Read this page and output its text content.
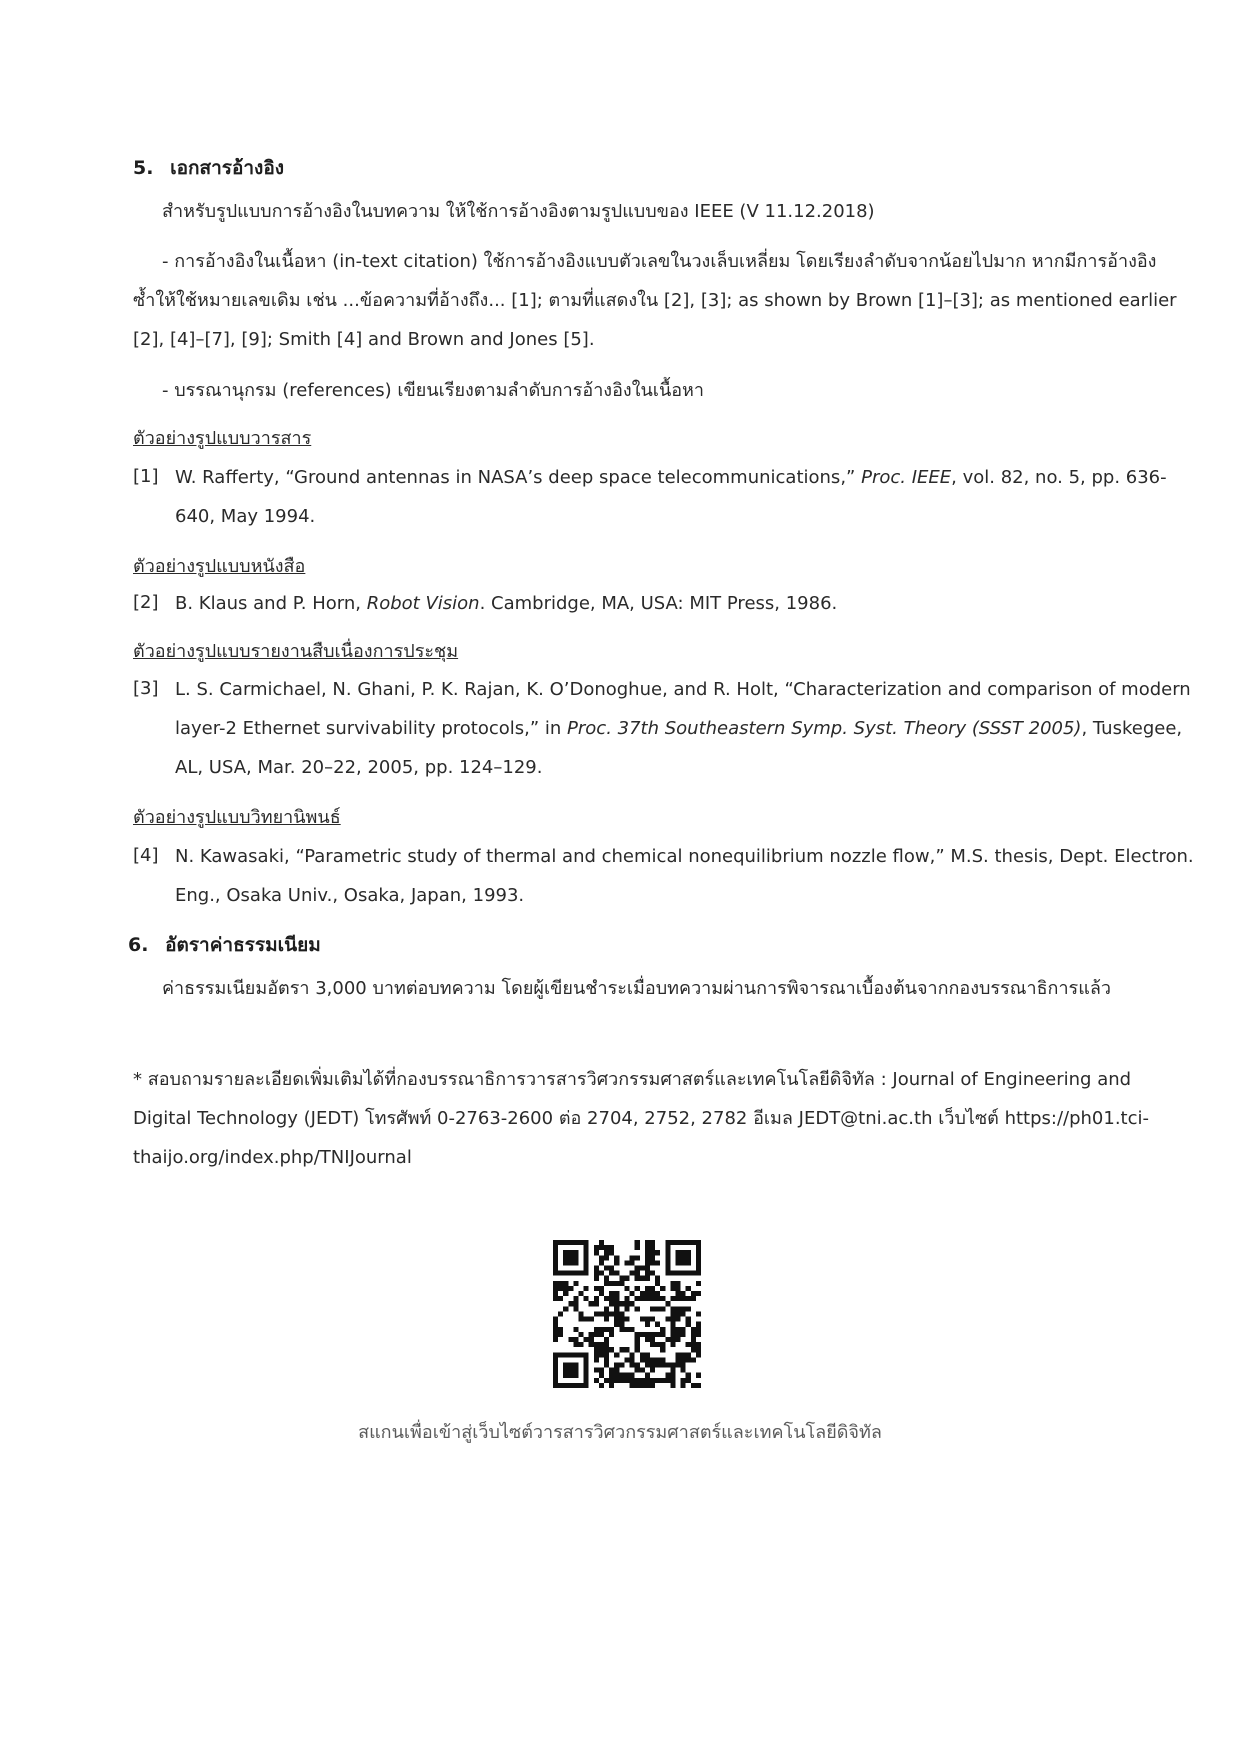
5. เอกสารอ้างอิง
สำหรับรูปแบบการอ้างอิงในบทความ ให้ใช้การอ้างอิงตามรูปแบบของ IEEE (V 11.12.2018)
- การอ้างอิงในเนื้อหา (in-text citation) ใช้การอ้างอิงแบบตัวเลขในวงเล็บเหลี่ยม โดยเรียงลำดับจากน้อยไปมาก หากมีการอ้างอิง
ซ้ำให้ใช้หมายเลขเดิม เช่น ...ข้อความที่อ้างถึง... [1]; ตามที่แสดงใน [2], [3]; as shown by Brown [1]–[3]; as mentioned earlier
[2], [4]–[7], [9]; Smith [4] and Brown and Jones [5].
- บรรณานุกรม (references) เขียนเรียงตามลำดับการอ้างอิงในเนื้อหา
ตัวอย่างรูปแบบวารสาร
[1] W. Rafferty, “Ground antennas in NASA’s deep space telecommunications,” Proc. IEEE, vol. 82, no. 5, pp. 636-
640, May 1994.
ตัวอย่างรูปแบบหนังสือ
[2] B. Klaus and P. Horn, Robot Vision. Cambridge, MA, USA: MIT Press, 1986.
ตัวอย่างรูปแบบรายงานสืบเนื่องการประชุม
[3] L. S. Carmichael, N. Ghani, P. K. Rajan, K. O’Donoghue, and R. Holt, “Characterization and comparison of modern
layer-2 Ethernet survivability protocols,” in Proc. 37th Southeastern Symp. Syst. Theory (SSST 2005), Tuskegee,
AL, USA, Mar. 20–22, 2005, pp. 124–129.
ตัวอย่างรูปแบบวิทยานิพนธ์
[4] N. Kawasaki, “Parametric study of thermal and chemical nonequilibrium nozzle flow,” M.S. thesis, Dept. Electron.
Eng., Osaka Univ., Osaka, Japan, 1993.
6. อัตราค่าธรรมเนียม
ค่าธรรมเนียมอัตรา 3,000 บาทต่อบทความ โดยผู้เขียนชำระเมื่อบทความผ่านการพิจารณาเบื้องต้นจากกองบรรณาธิการแล้ว
* สอบถามรายละเอียดเพิ่มเติมได้ที่กองบรรณาธิการวารสารวิศวกรรมศาสตร์และเทคโนโลยีดิจิทัล : Journal of Engineering and
Digital Technology (JEDT) โทรศัพท์ 0-2763-2600 ต่อ 2704, 2752, 2782 อีเมล JEDT@tni.ac.th เว็บไซต์ https://ph01.tci-
thaijo.org/index.php/TNIJournal
สแกนเพื่อเข้าสู่เว็บไซต์วารสารวิศวกรรมศาสตร์และเทคโนโลยีดิจิทัล
